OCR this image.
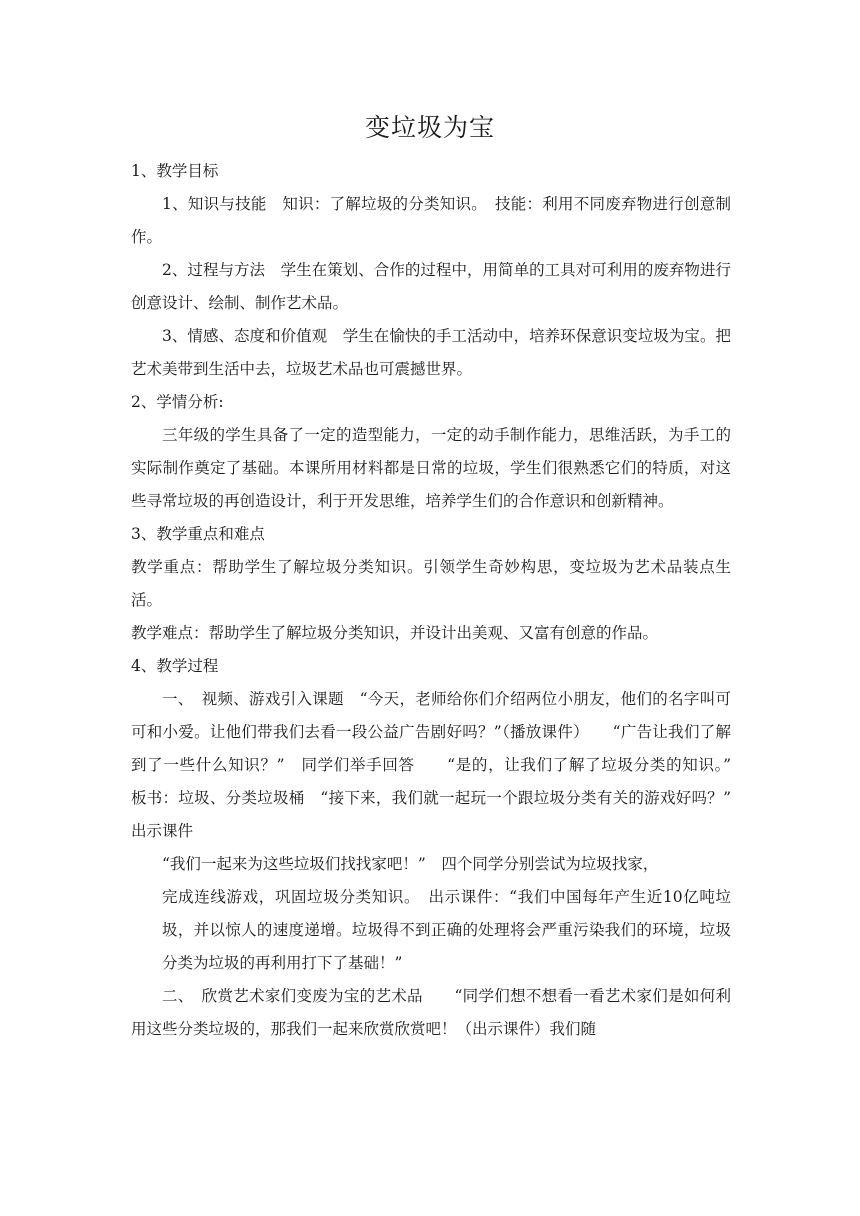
变垃圾为宝

1、教学目标

1、知识与技能　知识：了解垃圾的分类知识。　技能：利用不同废弃物进行创意制作。

2、过程与方法　学生在策划、合作的过程中，用简单的工具对可利用的废弃物进行创意设计、绘制、制作艺术品。

3、情感、态度和价值观　学生在愉快的手工活动中，培养环保意识变垃圾为宝。把艺术美带到生活中去，垃圾艺术品也可震撼世界。

2、学情分析:

三年级的学生具备了一定的造型能力，一定的动手制作能力，思维活跃，为手工的实际制作奠定了基础。本课所用材料都是日常的垃圾，学生们很熟悉它们的特质，对这些寻常垃圾的再创造设计，利于开发思维，培养学生们的合作意识和创新精神。

3、教学重点和难点

教学重点：帮助学生了解垃圾分类知识。引领学生奇妙构思，变垃圾为艺术品装点生活。

教学难点：帮助学生了解垃圾分类知识，并设计出美观、又富有创意的作品。

4、教学过程

一、　视频、游戏引入课题　“今天，老师给你们介绍两位小朋友，他们的名字叫可可和小爱。让他们带我们去看一段公益广告剧好吗？”（播放课件）　　“广告让我们了解到了一些什么知识？”　同学们举手回答　　“是的，让我们了解了垃圾分类的知识。”　　板书：垃圾、分类垃圾桶　“接下来，我们就一起玩一个跟垃圾分类有关的游戏好吗？”　出示课件

“我们一起来为这些垃圾们找找家吧！”　四个同学分别尝试为垃圾找家，
完成连线游戏，巩固垃圾分类知识。　出示课件：“我们中国每年产生近10亿吨垃圾，并以惊人的速度递增。垃圾得不到正确的处理将会严重污染我们的环境，垃圾分类为垃圾的再利用打下了基础！”

二、　欣赏艺术家们变废为宝的艺术品　　“同学们想不想看一看艺术家们是如何利用这些分类垃圾的，那我们一起来欣赏欣赏吧！（出示课件）我们随
